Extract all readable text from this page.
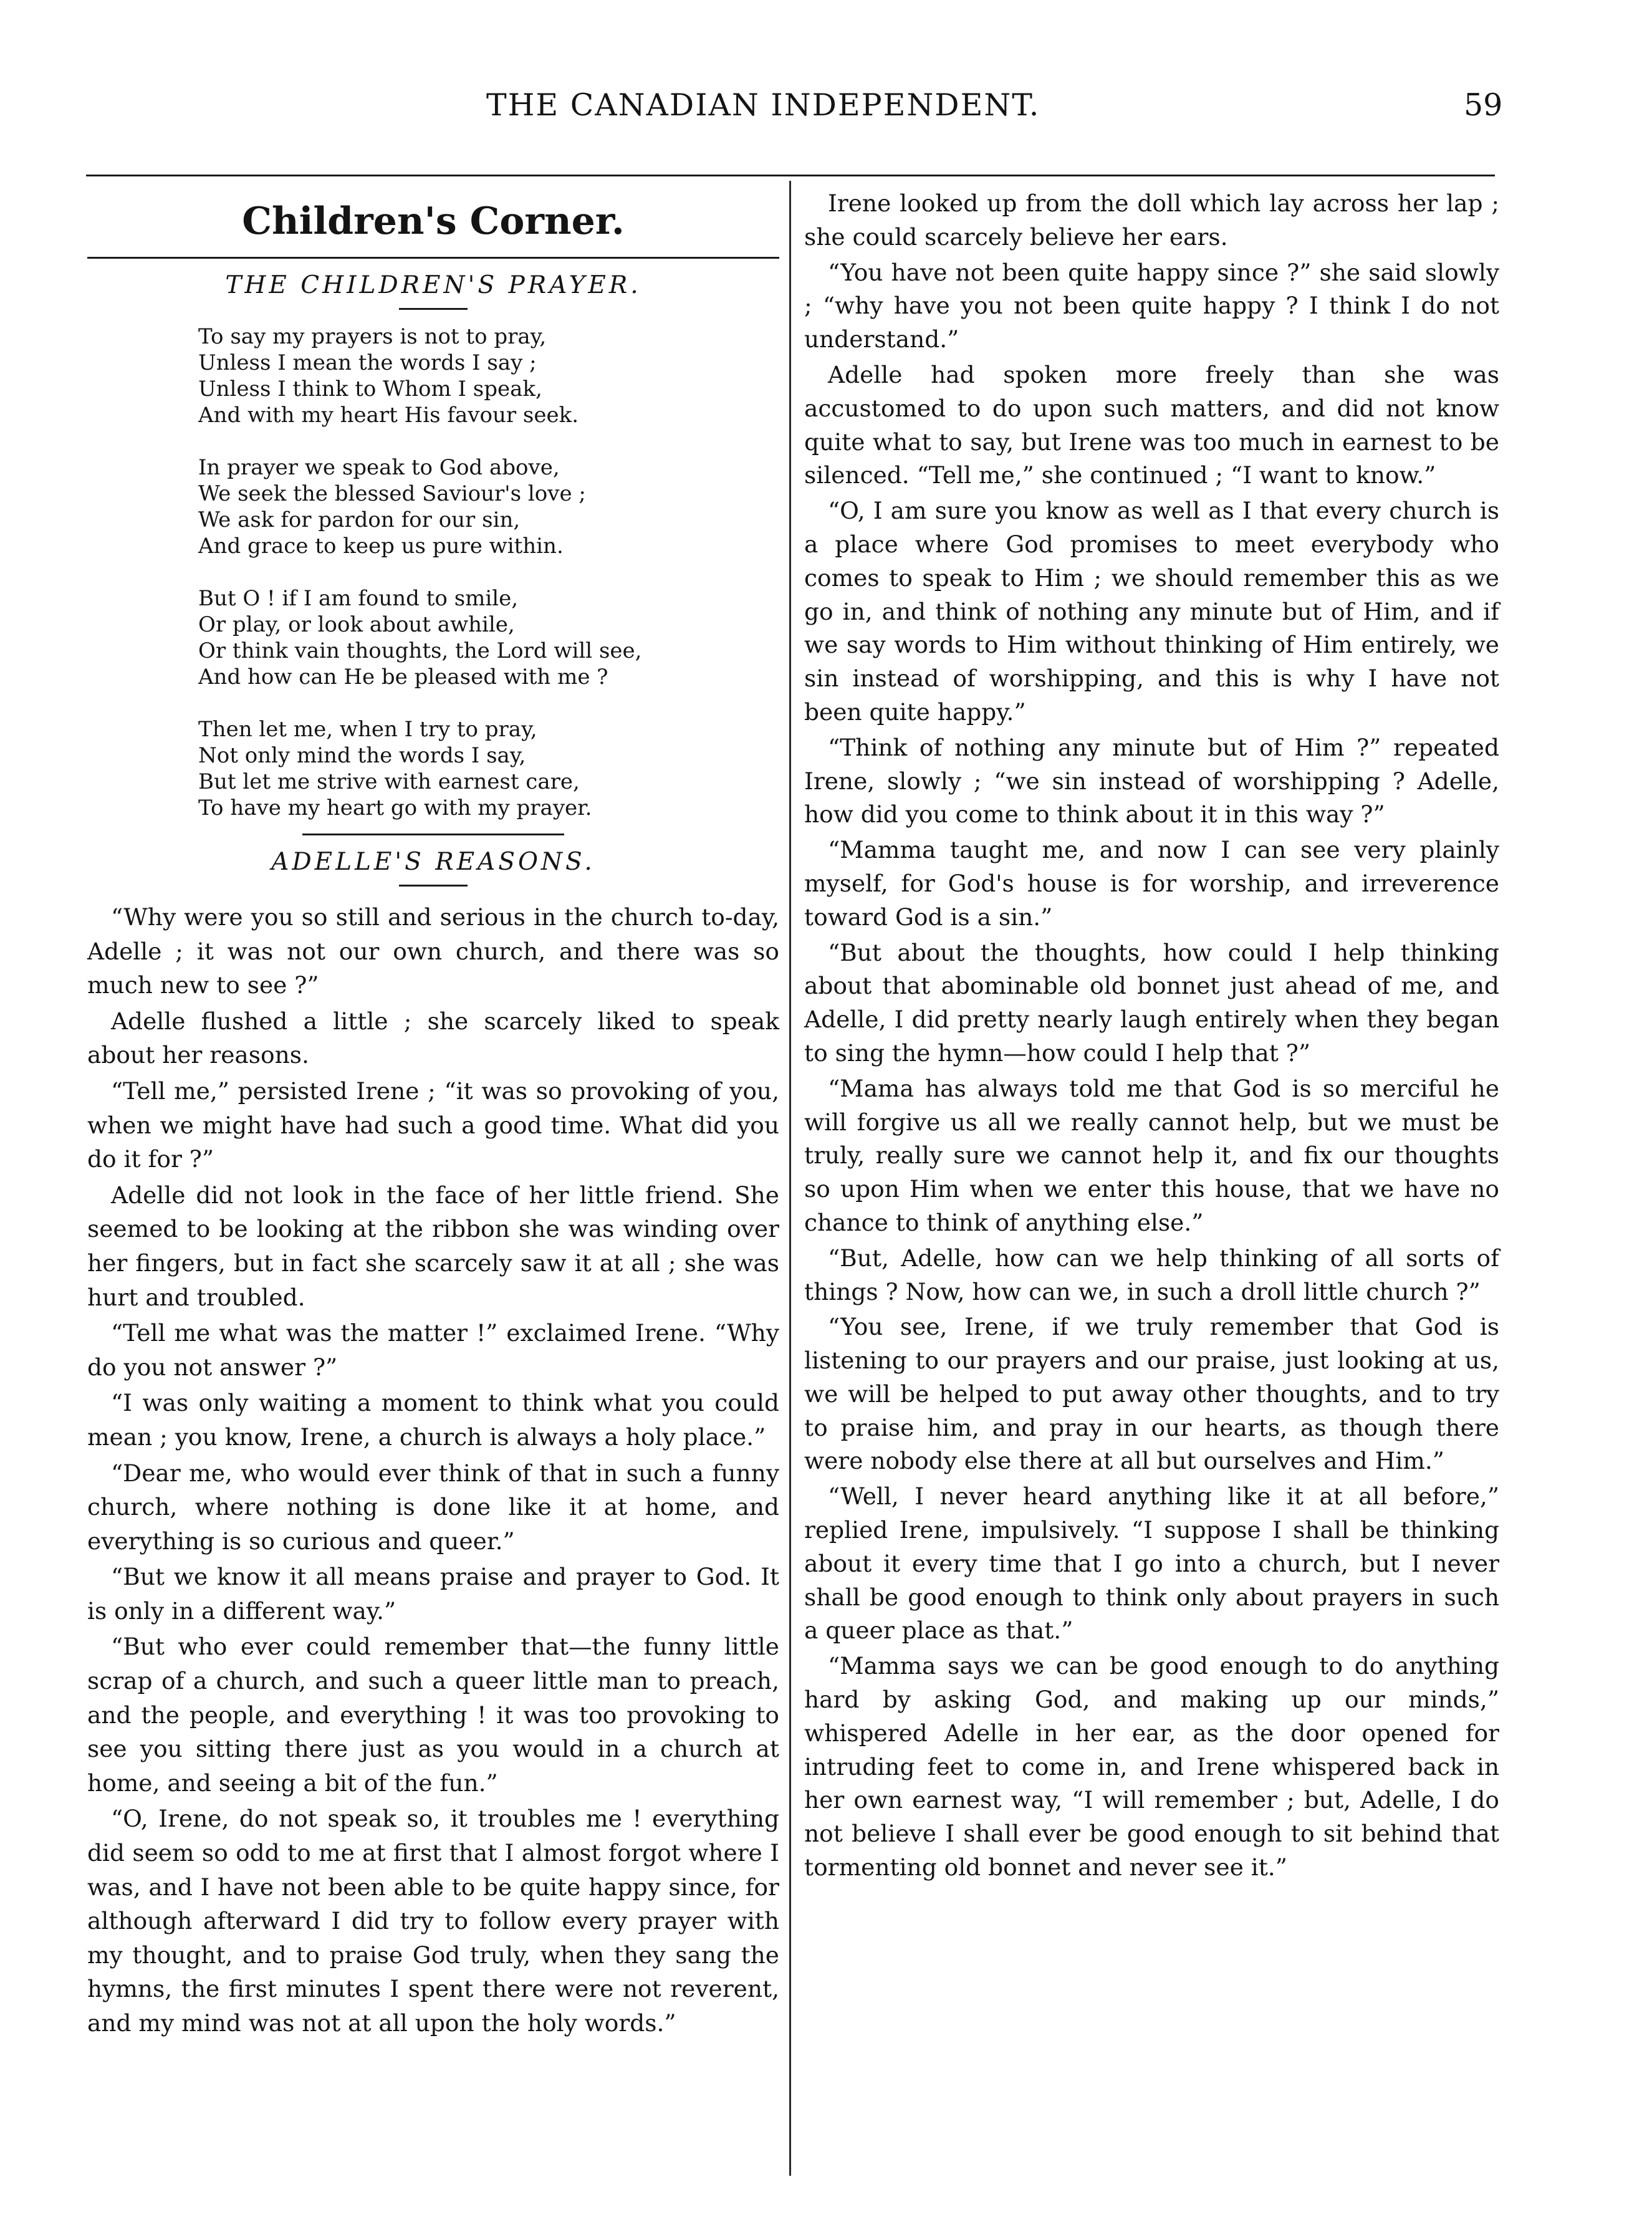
THE CANADIAN INDEPENDENT.	59
Children's Corner.
THE CHILDREN'S PRAYER.
To say my prayers is not to pray,
Unless I mean the words I say ;
Unless I think to Whom I speak,
And with my heart His favour seek.
In prayer we speak to God above,
We seek the blessed Saviour's love ;
We ask for pardon for our sin,
And grace to keep us pure within.
But O ! if I am found to smile,
Or play, or look about awhile,
Or think vain thoughts, the Lord will see,
And how can He be pleased with me ?
Then let me, when I try to pray,
Not only mind the words I say,
But let me strive with earnest care,
To have my heart go with my prayer.
ADELLE'S REASONS.

“Why were you so still and serious in the church to-day, Adelle ; it was not our own church, and there was so much new to see ?”

Adelle flushed a little ; she scarcely liked to speak about her reasons.

“Tell me,” persisted Irene ; “it was so provoking of you, when we might have had such a good time. What did you do it for ?”

Adelle did not look in the face of her little friend. She seemed to be looking at the ribbon she was winding over her fingers, but in fact she scarcely saw it at all ; she was hurt and troubled.

“Tell me what was the matter !” exclaimed Irene. “Why do you not answer ?”

“I was only waiting a moment to think what you could mean ; you know, Irene, a church is always a holy place.”

“Dear me, who would ever think of that in such a funny church, where nothing is done like it at home, and everything is so curious and queer.”

“But we know it all means praise and prayer to God. It is only in a different way.”

“But who ever could remember that—the funny little scrap of a church, and such a queer little man to preach, and the people, and everything ! it was too provoking to see you sitting there just as you would in a church at home, and seeing a bit of the fun.”

“O, Irene, do not speak so, it troubles me ! everything did seem so odd to me at first that I almost forgot where I was, and I have not been able to be quite happy since, for although afterward I did try to follow every prayer with my thought, and to praise God truly, when they sang the hymns, the first minutes I spent there were not reverent, and my mind was not at all upon the holy words.”

Irene looked up from the doll which lay across her lap ; she could scarcely believe her ears.

“You have not been quite happy since ?” she said slowly ; “why have you not been quite happy ? I think I do not understand.”

Adelle had spoken more freely than she was accustomed to do upon such matters, and did not know quite what to say, but Irene was too much in earnest to be silenced. “Tell me,” she continued ; “I want to know.”

“O, I am sure you know as well as I that every church is a place where God promises to meet everybody who comes to speak to Him ; we should remember this as we go in, and think of nothing any minute but of Him, and if we say words to Him without thinking of Him entirely, we sin instead of worshipping, and this is why I have not been quite happy.”

“Think of nothing any minute but of Him ?” repeated Irene, slowly ; “we sin instead of worshipping ? Adelle, how did you come to think about it in this way ?”

“Mamma taught me, and now I can see very plainly myself, for God's house is for worship, and irreverence toward God is a sin.”

“But about the thoughts, how could I help thinking about that abominable old bonnet just ahead of me, and Adelle, I did pretty nearly laugh entirely when they began to sing the hymn—how could I help that ?”

“Mama has always told me that God is so merciful he will forgive us all we really cannot help, but we must be truly, really sure we cannot help it, and fix our thoughts so upon Him when we enter this house, that we have no chance to think of anything else.”

“But, Adelle, how can we help thinking of all sorts of things ? Now, how can we, in such a droll little church ?”

“You see, Irene, if we truly remember that God is listening to our prayers and our praise, just looking at us, we will be helped to put away other thoughts, and to try to praise him, and pray in our hearts, as though there were nobody else there at all but ourselves and Him.”

“Well, I never heard anything like it at all before,” replied Irene, impulsively. “I suppose I shall be thinking about it every time that I go into a church, but I never shall be good enough to think only about prayers in such a queer place as that.”

“Mamma says we can be good enough to do anything hard by asking God, and making up our minds,” whispered Adelle in her ear, as the door opened for intruding feet to come in, and Irene whispered back in her own earnest way, “I will remember ; but, Adelle, I do not believe I shall ever be good enough to sit behind that tormenting old bonnet and never see it.”
